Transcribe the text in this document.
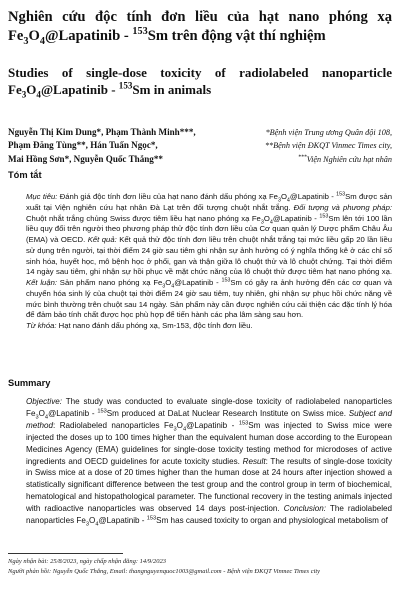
Nghiên cứu độc tính đơn liều của hạt nano phóng xạ
$Fe_3O_4@Lapatinib - ^{153}Sm$ trên động vật thí nghiệm
Studies of single-dose toxicity of radiolabeled nanoparticle
$Fe_3O_4@Lapatinib - ^{153}Sm$ in animals
Nguyễn Thị Kim Dung*, Phạm Thành Minh***,
Phạm Đăng Tùng**, Hán Tuấn Ngọc*,
Mai Hồng Sơn*, Nguyễn Quốc Thắng**
*Bệnh viện Trung ương Quân đội 108,
**Bệnh viện ĐKQT Vinmec Times city,
***Viện Nghiên cứu hạt nhân
Tóm tắt
Mục tiêu: Đánh giá độc tính đơn liều của hạt nano đánh dấu phóng xạ $Fe_3O_4@Lapatinib - ^{153}Sm$ được sản xuất tại Viện nghiên cứu hạt nhân Đà Lạt trên đối tượng chuột nhắt trắng. Đối tượng và phương pháp: Chuột nhắt trắng chủng Swiss được tiêm liều hạt nano phóng xạ $Fe_3O_4@Lapatinib - ^{153}Sm$ lên tới 100 lần liều quy đổi trên người theo phương pháp thử độc tính đơn liều của Cơ quan quản lý Dược phẩm Châu Âu (EMA) và OECD. Kết quả: Kết quả thử độc tính đơn liều trên chuột nhắt trắng tại mức liều gấp 20 lần liều sử dụng trên người, tại thời điểm 24 giờ sau tiêm ghi nhận sự ảnh hưởng có ý nghĩa thống kê ở các chỉ số sinh hóa, huyết học, mô bệnh học ở phổi, gan và thận giữa lô chuột thử và lô chuột chứng. Tại thời điểm 14 ngày sau tiêm, ghi nhận sự hồi phục về mặt chức năng của lô chuột thử được tiêm hạt nano phóng xạ. Kết luận: Sản phẩm nano phóng xạ $Fe_3O_4@Lapatinib - ^{153}Sm$ có gây ra ảnh hưởng đến các cơ quan và chuyển hóa sinh lý của chuột tại thời điểm 24 giờ sau tiêm, tuy nhiên, ghi nhận sự phục hồi chức năng về mức bình thường trên chuột sau 14 ngày. Sản phẩm này cần được nghiên cứu cải thiện các đặc tính lý hóa để đảm bảo tính chất được học phù hợp để tiến hành các pha lâm sàng sau hơn.
Từ khóa: Hạt nano đánh dấu phóng xạ, Sm-153, độc tính đơn liều.
Summary
Objective: The study was conducted to evaluate single-dose toxicity of radiolabeled nanoparticles $Fe_3O_4@Lapatinib - ^{153}Sm$ produced at DaLat Nuclear Research Institute on Swiss mice. Subject and method: Radiolabeled nanoparticles $Fe_3O_4@Lapatinib - ^{153}Sm$ was injected to Swiss mice were injected the doses up to 100 times higher than the equivalent human dose according to the European Medicines Agency (EMA) guidelines for single-dose toxicity testing method for microdoses of active ingredients and OECD guidelines for acute toxicity studies. Result: The results of single-dose toxicity in Swiss mice at a dose of 20 times higher than the human dose at 24 hours after injection showed a statistically significant difference between the test group and the control group in term of biochemical, hematological and histopathological parameter. The functional recovery in the testing animals injected with radioactive nanoparticles was observed 14 days post-injection. Conclusion: The radiolabeled nanoparticles $Fe_3O_4@Lapatinib - ^{153}Sm$ has caused toxicity to organ and physiological metabolism of
Ngày nhận bài: 25/8/2023, ngày chấp nhận đăng: 14/9/2023
Người phản hồi: Nguyễn Quốc Thắng, Email: thangnguyenquoc1003@gmail.com - Bệnh viện ĐKQT Vinmec Times city
